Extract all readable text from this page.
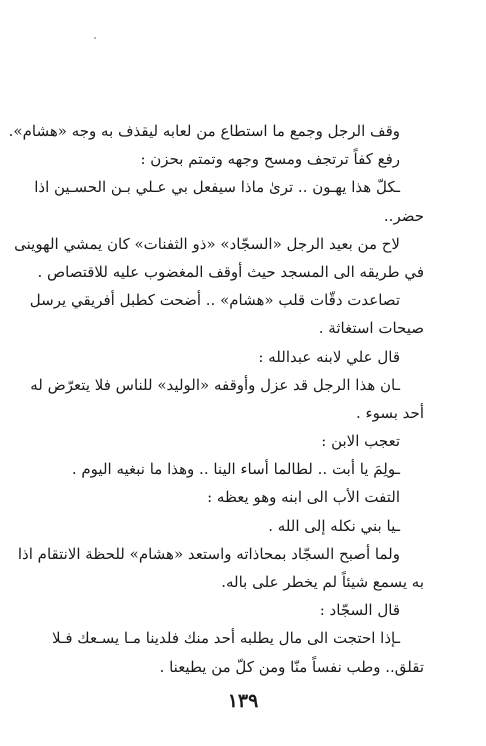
وقف الرجل وجمع ما استطاع من لعابه ليقذف به وجه «هشام».
رفع كفاً ترتجف ومسح وجهه وتمتم بحزن :
ـكلّ هذا يهـون .. ترىٰ ماذا سيفعل بي عـلي بـن الحسـين اذا
حضر..
لاح من بعيد الرجل «السجّاد» «ذو الثفنات» كان يمشي الهوينى
في طريقه الى المسجد حيث أوقف المغضوب عليه للاقتصاص .
تصاعدت دقّات قلب «هشام» .. أضحت كطبل أفريقي يرسل
صيحات استغاثة .
قال علي لابنه عبدالله :
ـان هذا الرجل قد عزل وأوقفه «الوليد» للناس فلا يتعرّض له
أحد بسوء .
تعجب الابن :
ـولِمَ يا أبت .. لطالما أساء الينا .. وهذا ما نبغيه اليوم .
التفت الأب الى ابنه وهو يعظه :
ـيا بني نكله إلى الله .
ولما أصبح السجّاد بمحاذاته واستعد «هشام» للحظة الانتقام اذا
به يسمع شيئاً لم يخطر على باله.
قال السجّاد :
ـإذا احتجت الى مال يطلبه أحد منك فلدينا مـا يسـعك فـلا
تقلق.. وطب نفساً منّا ومن كلّ من يطيعنا .
١٣٩
